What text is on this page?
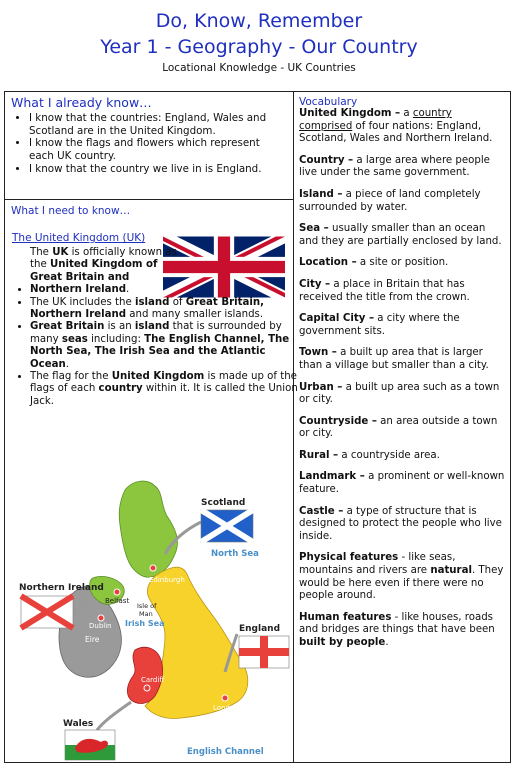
Do, Know, Remember
Year 1 - Geography - Our Country
Locational Knowledge - UK Countries
What I already know…
• I know that the countries: England, Wales and Scotland are in the United Kingdom.
• I know the flags and flowers which represent each UK country.
• I know that the country we live in is England.
What I need to know…
The United Kingdom (UK)
• The UK is officially known as the United Kingdom of Great Britain and Northern Ireland.
• The UK includes the island of Great Britain, Northern Ireland and many smaller islands.
• Great Britain is an island that is surrounded by many seas including: The English Channel, The North Sea, The Irish Sea and the Atlantic Ocean.
• The flag for the United Kingdom is made up of the flags of each country within it. It is called the Union Jack.
Scotland
Northern Ireland
England
Wales
North Sea
Irish Sea
English Channel
Edinburgh
Belfast
Dublin
Eire
Isle of Man
Cardiff
London
Vocabulary

United Kingdom – a country comprised of four nations: England, Scotland, Wales and Northern Ireland.

Country – a large area where people live under the same government.

Island – a piece of land completely surrounded by water.

Sea – usually smaller than an ocean and they are partially enclosed by land.

Location – a site or position.

City – a place in Britain that has received the title from the crown.

Capital City – a city where the government sits.

Town – a built up area that is larger than a village but smaller than a city.

Urban – a built up area such as a town or city.

Countryside – an area outside a town or city.

Rural – a countryside area.

Landmark – a prominent or well-known feature.

Castle – a type of structure that is designed to protect the people who live inside.

Physical features - like seas, mountains and rivers are natural. They would be here even if there were no people around.

Human features - like houses, roads and bridges are things that have been built by people.
